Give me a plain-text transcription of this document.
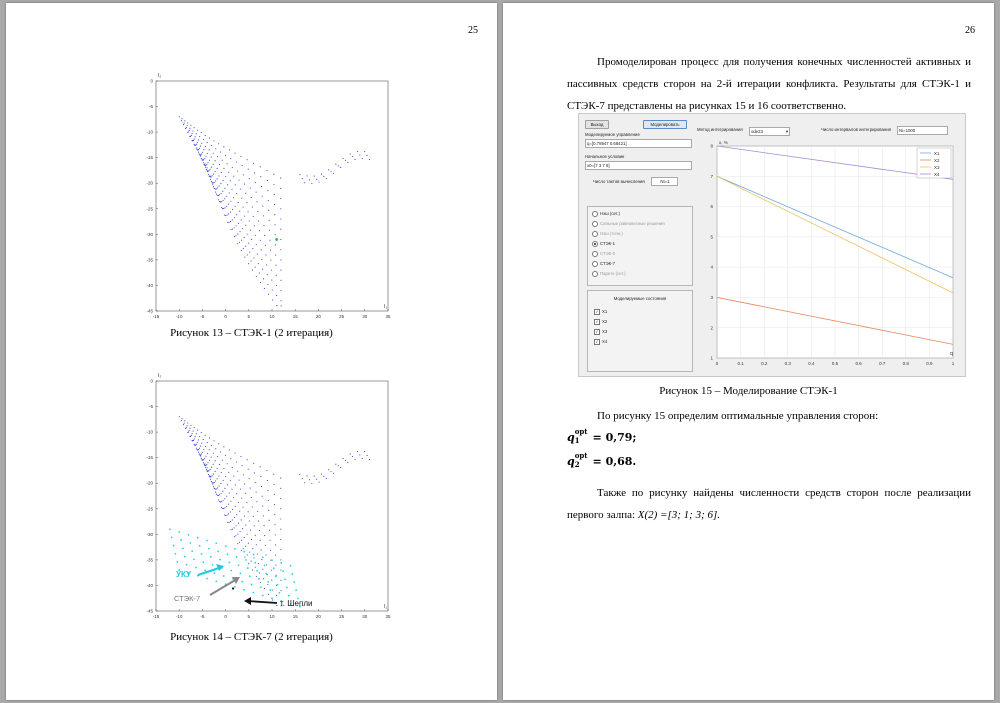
25
-15	-10	-5	0	5	10	15	20	25	30	35
0
-5
-10
-15
-20
-25
-30
-35
-40
-45
I₂
I₁
Рисунок 13 – СТЭК-1 (2 итерация)
-15	-10	-5	0	5	10	15	20	25	30	35
0
-5
-10
-15
-20
-25
-30
-35
-40
-45
I₂
I₁
УКУ
СТЭК-7
т. Шепли
Рисунок 14 – СТЭК-7 (2 итерация)
26
Промоделирован процесс для получения конечных численностей активных и пассивных средств сторон на 2-й итерации конфликта. Результаты для СТЭК-1 и СТЭК-7 представлены на рисунках 15 и 16 соответственно.
Выход	Моделировать
Моделируемое управление
q=[0.78947 0.68421]
Начальное условие
x0=[7 3 7 8]
Число тактов вычисления	Nt=1
Метод интегрирования	ode23	▾	Число интервалов интегрирования	Ni=1000
Нэш (сет.)
Сильные равновесные решения
Нэш (точн.)
СТЭК-1
СТЭК-5
СТЭК-7
Парето (сет.)
Моделируемые состояния
✓ X1
✓ X2
✓ X3
✓ X4
0	0.1	0.2	0.3	0.4	0.5	0.6	0.7	0.8	0.9	1
1
2
3
4
5
6
7
8
x, %
q
X1
X2
X3
X4
Рисунок 15 – Моделирование СТЭК-1
По рисунку 15 определим оптимальные управления сторон:
q opt
1 = 0,79;
q opt
2 = 0,68.
Также по рисунку найдены численности средств сторон после реализации первого залпа: X(2) =[3; 1; 3; 6].
